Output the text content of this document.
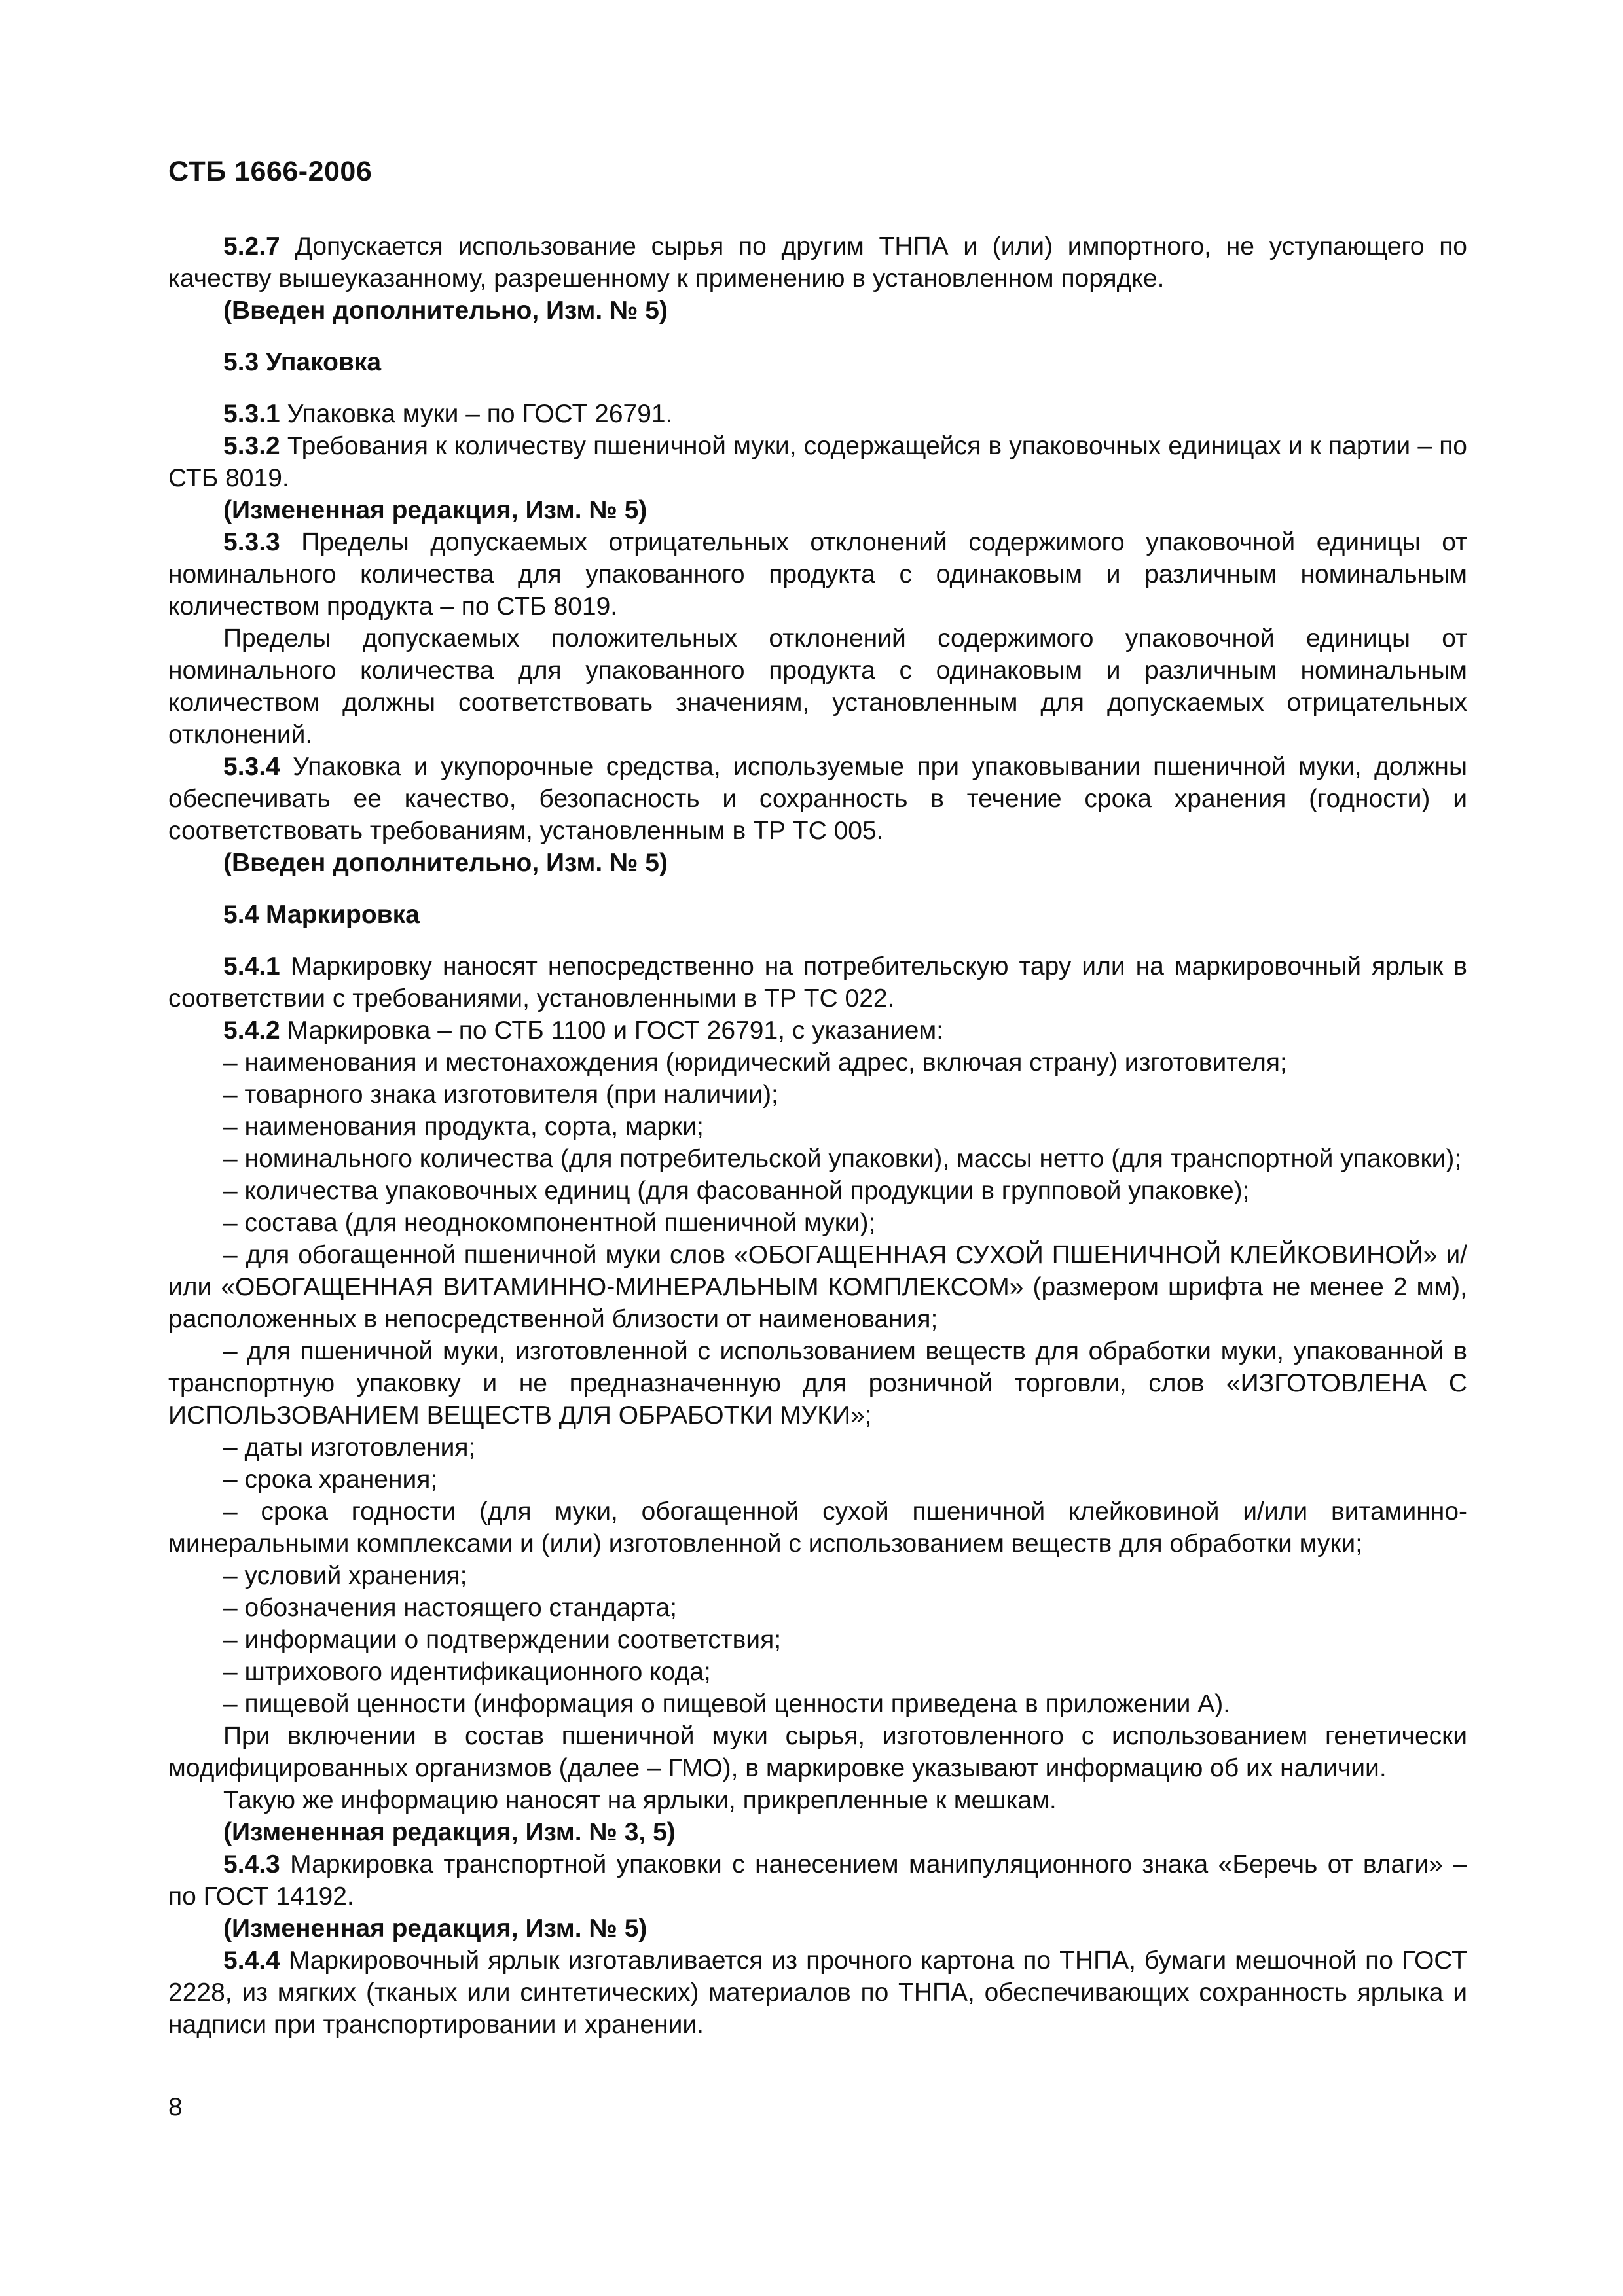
СТБ 1666-2006

5.2.7 Допускается использование сырья по другим ТНПА и (или) импортного, не уступающего по качеству вышеуказанному, разрешенному к применению в установленном порядке.

(Введен дополнительно, Изм. № 5)

5.3 Упаковка

5.3.1 Упаковка муки – по ГОСТ 26791.

5.3.2 Требования к количеству пшеничной муки, содержащейся в упаковочных единицах и к партии – по СТБ 8019.

(Измененная редакция, Изм. № 5)

5.3.3 Пределы допускаемых отрицательных отклонений содержимого упаковочной единицы от номинального количества для упакованного продукта с одинаковым и различным номинальным количеством продукта – по СТБ 8019.

Пределы допускаемых положительных отклонений содержимого упаковочной единицы от номинального количества для упакованного продукта с одинаковым и различным номинальным количеством должны соответствовать значениям, установленным для допускаемых отрицательных отклонений.

5.3.4 Упаковка и укупорочные средства, используемые при упаковывании пшеничной муки, должны обеспечивать ее качество, безопасность и сохранность в течение срока хранения (годности) и соответствовать требованиям, установленным в ТР ТС 005.

(Введен дополнительно, Изм. № 5)

5.4 Маркировка

5.4.1 Маркировку наносят непосредственно на потребительскую тару или на маркировочный ярлык в соответствии с требованиями, установленными в ТР ТС 022.

5.4.2 Маркировка – по СТБ 1100 и ГОСТ 26791, с указанием:

– наименования и местонахождения (юридический адрес, включая страну) изготовителя;

– товарного знака изготовителя (при наличии);

– наименования продукта, сорта, марки;

– номинального количества (для потребительской упаковки), массы нетто (для транспортной упаковки);

– количества упаковочных единиц (для фасованной продукции в групповой упаковке);

– состава (для неоднокомпонентной пшеничной муки);

– для обогащенной пшеничной муки слов «ОБОГАЩЕННАЯ СУХОЙ ПШЕНИЧНОЙ КЛЕЙКОВИНОЙ» и/или «ОБОГАЩЕННАЯ ВИТАМИННО-МИНЕРАЛЬНЫМ КОМПЛЕКСОМ» (размером шрифта не менее 2 мм), расположенных в непосредственной близости от наименования;

– для пшеничной муки, изготовленной с использованием веществ для обработки муки, упакованной в транспортную упаковку и не предназначенную для розничной торговли, слов «ИЗГОТОВЛЕНА С ИСПОЛЬЗОВАНИЕМ ВЕЩЕСТВ ДЛЯ ОБРАБОТКИ МУКИ»;

– даты изготовления;

– срока хранения;

– срока годности (для муки, обогащенной сухой пшеничной клейковиной и/или витаминно-минеральными комплексами и (или) изготовленной с использованием веществ для обработки муки;

– условий хранения;

– обозначения настоящего стандарта;

– информации о подтверждении соответствия;

– штрихового идентификационного кода;

– пищевой ценности (информация о пищевой ценности приведена в приложении А).

При включении в состав пшеничной муки сырья, изготовленного с использованием генетически модифицированных организмов (далее – ГМО), в маркировке указывают информацию об их наличии.

Такую же информацию наносят на ярлыки, прикрепленные к мешкам.

(Измененная редакция, Изм. № 3, 5)

5.4.3 Маркировка транспортной упаковки с нанесением манипуляционного знака «Беречь от влаги» – по ГОСТ 14192.

(Измененная редакция, Изм. № 5)

5.4.4 Маркировочный ярлык изготавливается из прочного картона по ТНПА, бумаги мешочной по ГОСТ 2228, из мягких (тканых или синтетических) материалов по ТНПА, обеспечивающих сохранность ярлыка и надписи при транспортировании и хранении.

8
